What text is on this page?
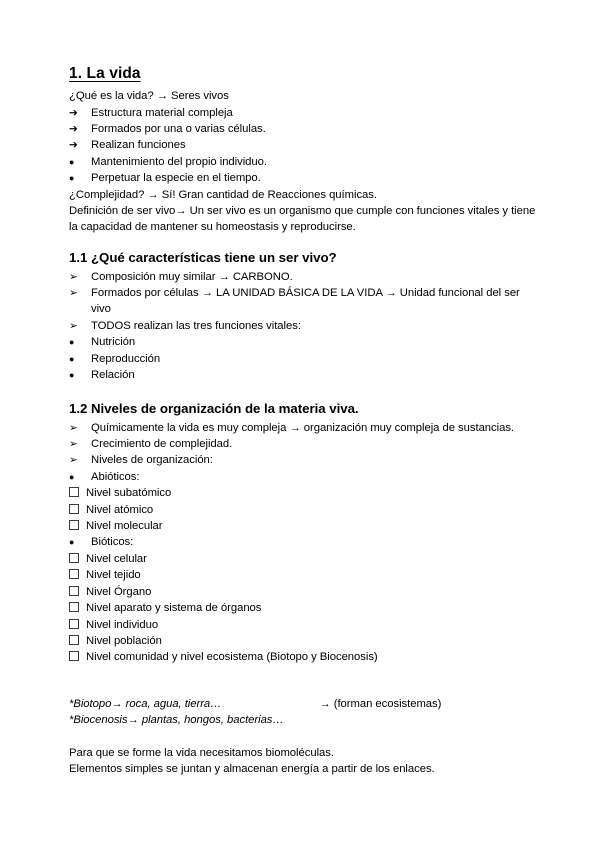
1. La vida

¿Qué es la vida? → Seres vivos

➔	Estructura material compleja
➔	Formados por una o varias células.
➔	Realizan funciones
●	Mantenimiento del propio individuo.
●	Perpetuar la especie en el tiempo.

¿Complejidad? → Sí! Gran cantidad de Reacciones químicas.

Definición de ser vivo→ Un ser vivo es un organismo que cumple con funciones vitales y tiene la capacidad de mantener su homeostasis y reproducirse.

1.1 ¿Qué características tiene un ser vivo?
➢	Composición muy similar → CARBONO.
➢	Formados por células → LA UNIDAD BÁSICA DE LA VIDA → Unidad funcional del ser vivo
➢	TODOS realizan las tres funciones vitales:
●	Nutrición
●	Reproducción
●	Relación
1.2 Niveles de organización de la materia viva.
➢	Químicamente la vida es muy compleja → organización muy compleja de sustancias.
➢	Crecimiento de complejidad.
➢	Niveles de organización:
●	Abióticos:
Nivel subatómico
Nivel atómico
Nivel molecular
●	Bióticos:
Nivel celular
Nivel tejido
Nivel Órgano
Nivel aparato y sistema de órganos
Nivel individuo
Nivel población
Nivel comunidad y nivel ecosistema (Biotopo y Biocenosis)
*Biotopo→ roca, agua, tierra…	→ (forman ecosistemas)
*Biocenosis→ plantas, hongos, bacterias…
Para que se forme la vida necesitamos biomoléculas.
Elementos simples se juntan y almacenan energía a partir de los enlaces.
